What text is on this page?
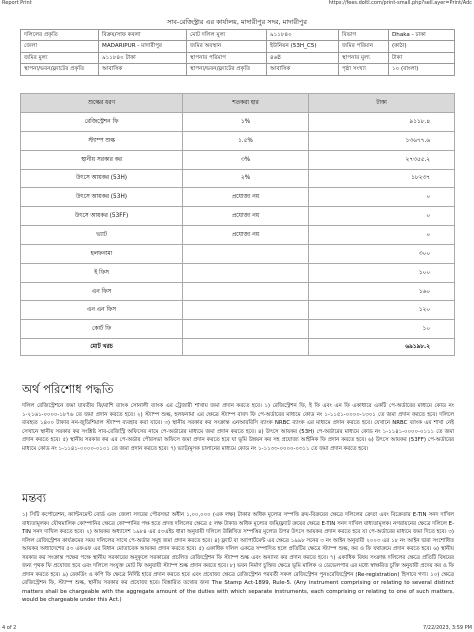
Report Print	https://fees.doltl.com/print-small.php?sell.ayer=Print/Adc
সাব-রেজিস্ট্রার এর কার্যালয়, মাদারীপুর সদর, মাদারীপুর
দলিলের প্রকৃতি	বিক্রয়/সাফ কবলা	মোট দলিল মুল্য	৯১১৮৪০	বিভাগ	Dhaka - ঢাকা
জেলা	MADARIPUR - মাদারীপুর	জমির অবস্থান	ইউনিয়ন (53H_C5)	জমির পরিমান	(কাঠা)
জমির মুল্য	৯১১৮৪০ টাকা	স্থাপনার পরিমাপ	৪৬ষ্ঠ	স্থাপনার মুল্য	টাকা
স্থাপনা/ভবন/ফ্ল্যাটের প্রকৃতি	আবাসিক	স্থাপনা/ভবন/ফ্ল্যাটের প্রকৃতি	আবাসিক	পৃষ্ঠা সংখ্যা	১০ (বাংলা)
শুল্কের ধরণ	শতকরা হার	টাকা
রেজিস্ট্রেশন ফি	১%	৯১১৮.৪
স্ট্যাম্প শুল্ক	১.৫%	১৩৬৭৭.৬
স্থানীয় সরকার কর	৩%	২৭৩৫৫.২
উৎসে আয়কর (53H)	২%	১৮২৩৭
উৎসে আয়কর (53H)	প্রযোজ্য নয়	০
উৎসে আয়কর (53FF)	প্রযোজ্য নয়	০
ভ্যাট	প্রযোজ্য নয়	০
হলফনামা		৩০০
ই ফিস		১০০
এন ফিস		১৬০
এন এন ফিস		১২০
কোর্ট ফি		১০
মোট খরচ		৬৯১৯৮.২
অর্থ পরিশোধ পদ্ধতি
দলিল রেজিস্ট্রেশনে জমা যাবতীয় ফি/রাশি ব্যাংক সোনালী ব্যাংক এর ট্রেজারী শাখায় জমা প্রদান করতে হবে। ১) রেজিস্ট্রেশন ফি, ই ফি এবং এন ফি একাধারে একটি পে-অর্ডারের মাধ্যমে কোড নং ১-২১৬১-০০০০-১৮৭৬ তে জমা প্রদান করতে হবে। ২) স্ট্যাম্প শুল্ক, হলফনামা এর ক্ষেত্রে স্ট্যাম্প বাবদ ফি পে-অর্ডারের মাধ্যমে কোড নং ১-১১৫১-০০০০-১৩০১ তে জমা প্রদান করতে হবে। দলিলে ব্যবহৃত ১৪০০ টাকার নন-জুডিশিয়াল স্ট্যাম্প ব্যবহার করা যাবে। ৩) স্থানীয় সরকার কর সংক্রান্ত এনআরবিসি ব্যাংক NRBC ব্যাংক এর মাধ্যমে প্রদান করতে হবে। যেখানে NRBC ব্যাংক এর শাখা নেই সেখানে স্থানীয় সরকার কর সংশ্লিষ্ট সাব-রেজিস্ট্রি অফিসের নামে পে-অর্ডারের মাধ্যমে জমা প্রদান করতে হবে। ৪) উৎসে আয়কর (53H) পে-অর্ডারের মাধ্যমে কোড নং ১-১১৪১-০০০০-০১১১ তে জমা প্রদান করতে হবে। ৫) স্থানীয় সরকার কর এর পে-অর্ডার পৌরসভা অফিসে জমা প্রদান করতে হবে যা ভূমি উন্নয়ন কর সহ প্রযোজ্য আইনিক ফি প্রদান করতে হবে। ৬) উৎসে আয়কর (53FF) পে-অর্ডারের মাধ্যমে কোড নং ১-১১৪১-০০০০-০১০১ তে জমা প্রদান করতে হবে। ৭) ভ্যাট/মূসক চালানের মাধ্যমে কোড নং ১-১১৩৩-০০০০-০৩১১ তে জমা প্রদান করতে হবে।
মন্তব্য
১) সিটি কর্পোরেশন, ক্যান্টনমেন্ট বোর্ড এবং জেলা সদরের পৌরসভা অধীন ১,০০,০০০ (এক লক্ষ) টাকার অধিক মূল্যের সম্পত্তি ক্রয়-বিক্রয়ের ক্ষেত্রে দলিলের ক্রেতা এবং বিক্রেতার E-TIN সনদ দাখিল বাধ্যতামূলক। যৌথমালিক কোম্পানির ক্ষেত্রে কোম্পানির পক্ষ হতে প্রদত্ত দলিলের ক্ষেত্রে ৫ লক্ষ টাকার অধিক মূল্যের জমি/ফ্ল্যাট ক্রয়ের ক্ষেত্রে E-TIN সনদ দাখিল বাধ্যতামূলক। নগরায়নের ক্ষেত্রে দলিলে E-TIN সনদ দাখিল করতে হবে। ২) আয়কর অধ্যাদেশ ১৯৮৪ এর ৫৩এইচ ধারা অনুযায়ী দলিলে উল্লিখিত সম্পত্তির মূল্যের উপর উৎসে আয়কর প্রদান করতে হবে যা পে-অর্ডারের মাধ্যমে জমা দিতে হবে। ৩) দলিল রেজিস্ট্রেশন কার্যক্রমের সময় দলিলের সাথে পে-অর্ডার সমূহ জমা প্রদান করতে হবে। ৪) ফ্ল্যাট বা অ্যাপার্টমেন্ট এর ক্ষেত্রে ১৯৯৮ সনের ৩ নং আইন অনুযায়ী ২০০৩ এর ১৮ নং আইন দ্বারা সংশোধিত আয়কর অধ্যাদেশের ৫৩ এফএফ এর বিধান মোতাবেক আয়কর প্রদান করতে হবে। ৫) একাধিক দলিল একত্রে সম্পাদিত হলে প্রতিটির ক্ষেত্রে স্ট্যাম্প শুল্ক, কর ও ফি যথাক্রমে প্রদান করতে হবে। ৬) স্থানীয় সরকার কর সংক্রান্ত পক্ষের পক্ষে স্থানীয় সরকারের অনুকূলে সরকারের প্রচলিত রেজিস্ট্রেশন ফি স্ট্যাম্প শুল্ক এবং অন্যান্য কর প্রদান করতে হবে। ৭) একাধিক বিষয় সংক্রান্ত দলিলের ক্ষেত্রে প্রতিটি বিষয়ের জন্য পৃথক ফি প্রযোজ্য হবে এবং দলিলে সংযুক্ত মোট ফি অনুযায়ী স্ট্যাম্প শুল্ক প্রদান করতে হবে। ৮) ভবন নির্মাণ চুক্তির ক্ষেত্রে ভূমি মালিক ও ডেভেলপার এর মধ্যে স্বাক্ষরিত চুক্তি অনুযায়ী প্রদেয় কর ও ফি প্রদান করতে হবে। ৯) রেকর্ডিং ও কপি ফি ক্ষেত্রে নির্দিষ্ট হারে প্রদান করতে হবে এবং প্রযোজ্য ক্ষেত্রে রেজিস্ট্রেশন পরবর্তী সকল রেজিস্ট্রেশন পুনঃরেজিস্ট্রেশন (Re-registration) হিসাবে গণ্য। ১০) ক্ষেত্রে রেজিস্ট্রেশন ফি, স্ট্যাম্প শুল্ক, স্থানীয় সরকার কর প্রযোজ্য হবে। বিস্তারিত তথ্যের জন্য The Stamp Act-1899, Rule-5. (Any instrument comprising or relating to several distinct matters shall be chargeable with the aggregate amount of the duties with which separate instruments, each comprising or relating to one of such matters, would be chargeable under this Act.)
4 of 2	7/22/2023, 3:59 PM
